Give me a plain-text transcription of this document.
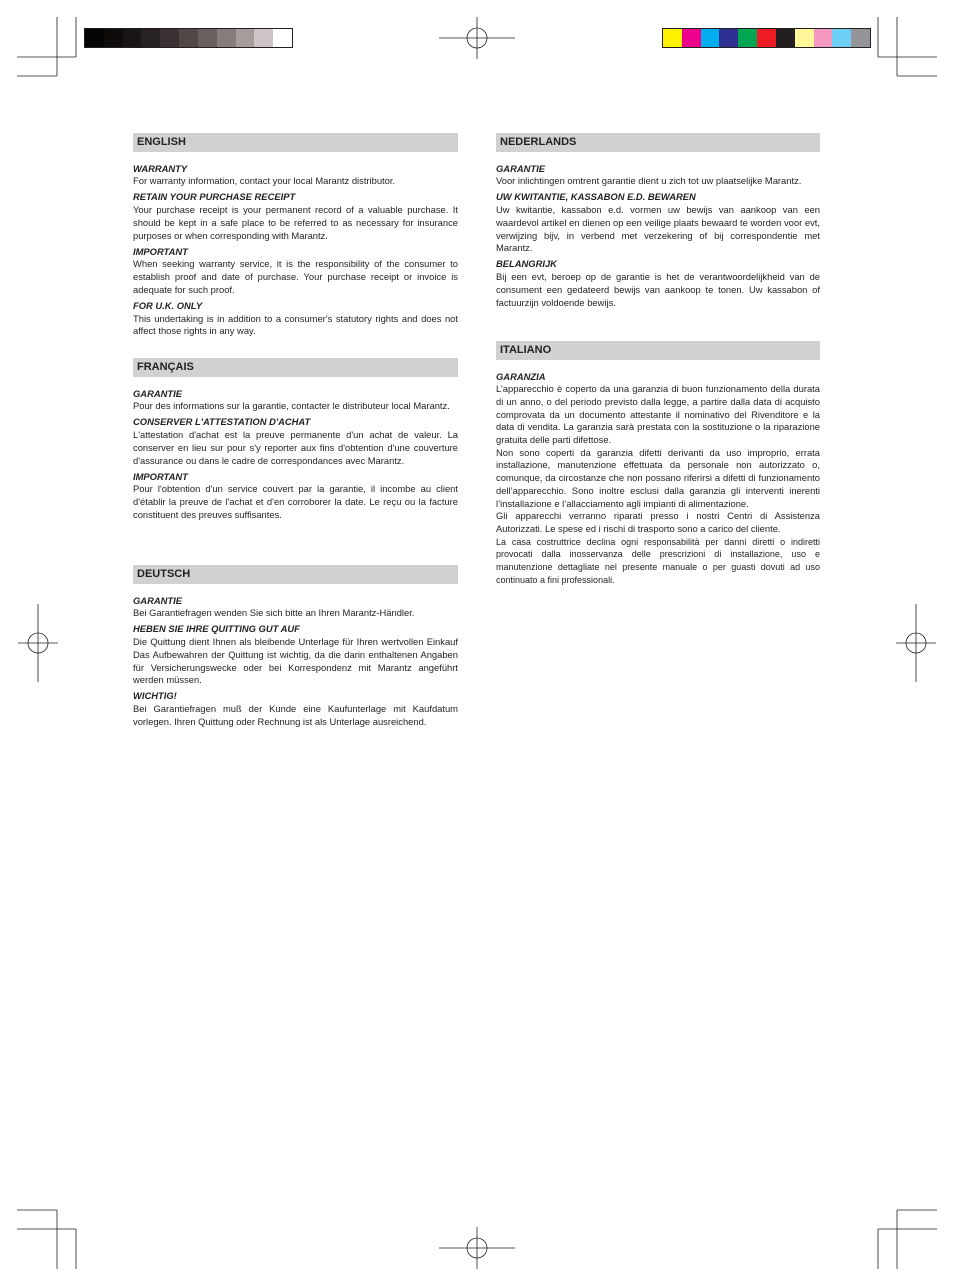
ENGLISH

WARRANTY

For warranty information, contact your local Marantz distributor.

RETAIN YOUR PURCHASE RECEIPT

Your purchase receipt is your permanent record of a valuable purchase. It should be kept in a safe place to be referred to as necessary for insurance purposes or when corresponding with Marantz.

IMPORTANT

When seeking warranty service, it is the responsibility of the consumer to establish proof and date of purchase. Your purchase receipt or invoice is adequate for such proof.

FOR U.K. ONLY

This undertaking is in addition to a consumer's statutory rights and does not affect those rights in any way.

FRANÇAIS

GARANTIE

Pour des informations sur la garantie, contacter le distributeur local Marantz.

CONSERVER L'ATTESTATION D'ACHAT

L'attestation d'achat est la preuve permanente d'un achat de valeur. La conserver en lieu sur pour s'y reporter aux fins d'obtention d'une couverture d'assurance ou dans le cadre de correspondances avec Marantz.

IMPORTANT

Pour l'obtention d'un service couvert par la garantie, il incombe au client d'établir la preuve de l'achat et d'en corroborer la date. Le reçu ou la facture constituent des preuves suffisantes.

DEUTSCH

GARANTIE

Bei Garantiefragen wenden Sie sich bitte an Ihren Marantz-Händler.

HEBEN SIE IHRE QUITTING GUT AUF

Die Quittung dient Ihnen als bleibende Unterlage für Ihren wertvollen Einkauf Das Aufbewahren der Quittung ist wichtig, da die darin enthaltenen Angaben für Versicherungswecke oder bei Korrespondenz mit Marantz angeführt werden müssen.

WICHTIG!

Bei Garantiefragen muß der Kunde eine Kaufunterlage mit Kaufdatum vorlegen. Ihren Quittung oder Rechnung ist als Unterlage ausreichend.

NEDERLANDS

GARANTIE

Voor inlichtingen omtrent garantie dient u zich tot uw plaatselijke Marantz.

UW KWITANTIE, KASSABON E.D. BEWAREN

Uw kwitantie, kassabon e.d. vormen uw bewijs van aankoop van een waardevol artikel en dienen op een veilige plaats bewaard te worden voor evt, verwijzing bijv, in verbend met verzekering of bij correspondentie met Marantz.

BELANGRIJK

Bij een evt, beroep op de garantie is het de verantwoordelijkheid van de consument een gedateerd bewijs van aankoop te tonen. Uw kassabon of factuurzijn voldoende bewijs.

ITALIANO

GARANZIA

L’apparecchio è coperto da una garanzia di buon funzionamento della durata di un anno, o del periodo previsto dalla legge, a partire dalla data di acquisto comprovata da un documento attestante il nominativo del Rivenditore e la data di vendita. La garanzia sarà prestata con la sostituzione o la riparazione gratuita delle parti difettose.

Non sono coperti da garanzia difetti derivanti da uso improprio, errata installazione, manutenzione effettuata da personale non autorizzato o, comunque, da circostanze che non possano riferirsi a difetti di funzionamento dell’apparecchio. Sono inoltre esclusi dalla garanzia gli interventi inerenti l’installazione e l’allacciamento agli impianti di alimentazione.

Gli apparecchi verranno riparati presso i nostri Centri di Assistenza Autorizzati. Le spese ed i rischi di trasporto sono a carico del cliente.

La casa costruttrice declina ogni responsabilità per danni diretti o indiretti provocati dalla inosservanza delle prescrizioni di installazione, uso e manutenzione dettagliate nel presente manuale o per guasti dovuti ad uso continuato a fini professionali.
